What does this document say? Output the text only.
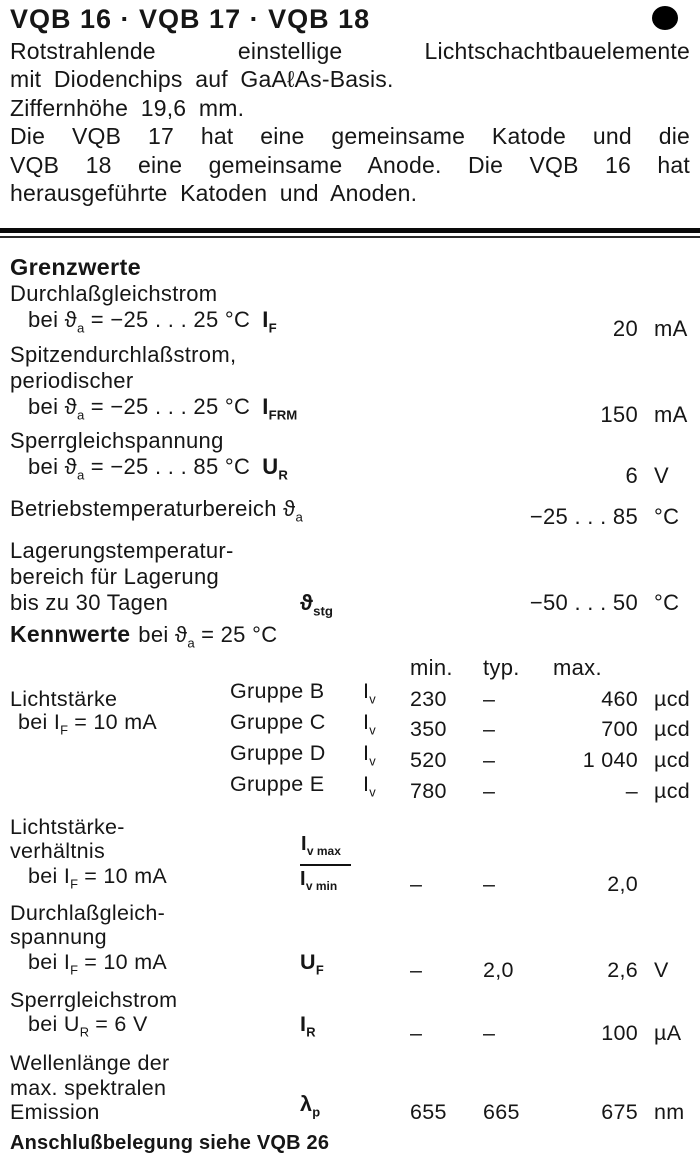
VQB 16 · VQB 17 · VQB 18
Rotstrahlende einstellige Lichtschachtbauelemente
mit Diodenchips auf GaAℓAs-Basis.
Ziffernhöhe 19,6 mm.
Die VQB 17 hat eine gemeinsame Katode und die
VQB 18 eine gemeinsame Anode. Die VQB 16 hat
herausgeführte Katoden und Anoden.
Grenzwerte
Durchlaßgleichstrom
bei $ϑ_a = -25$ . . . 25 °C $I_F$	20 mA
Spitzendurchlaßstrom,
periodischer
bei $ϑ_a = -25$ . . . 25 °C $I_{FRM}$	150 mA
Sperrgleichspannung
bei $ϑ_a = -25$ . . . 85 °C $U_R$	6 V
Betriebstemperaturbereich $ϑ_a$	−25 . . . 85 °C
Lagerungstemperatur-
bereich für Lagerung
bis zu 30 Tagen	$ϑ_{stg}$	−50 . . . 50 °C
Kennwerte bei $ϑ_a = 25$ °C
min.	typ.	max.
Lichtstärke	Gruppe B $I_v$	230	–	460 µcd
bei $I_F = 10$ mA	Gruppe C $I_v$	350	–	700 µcd
Gruppe D $I_v$	520	–	1 040 µcd
Gruppe E $I_v$	780	–	– µcd
Lichtstärke-
verhältnis
bei $I_F = 10$ mA	$\frac{I_{v max}}{I_{v min}}$	–	–	2,0
Durchlaßgleich-
spannung
bei $I_F = 10$ mA	$U_F$	–	2,0	2,6 V
Sperrgleichstrom
bei $U_R = 6$ V	$I_R$	–	–	100 µA
Wellenlänge der
max. spektralen
Emission	$\lambda_p$	655	665	675 nm
Anschlußbelegung siehe VQB 26
